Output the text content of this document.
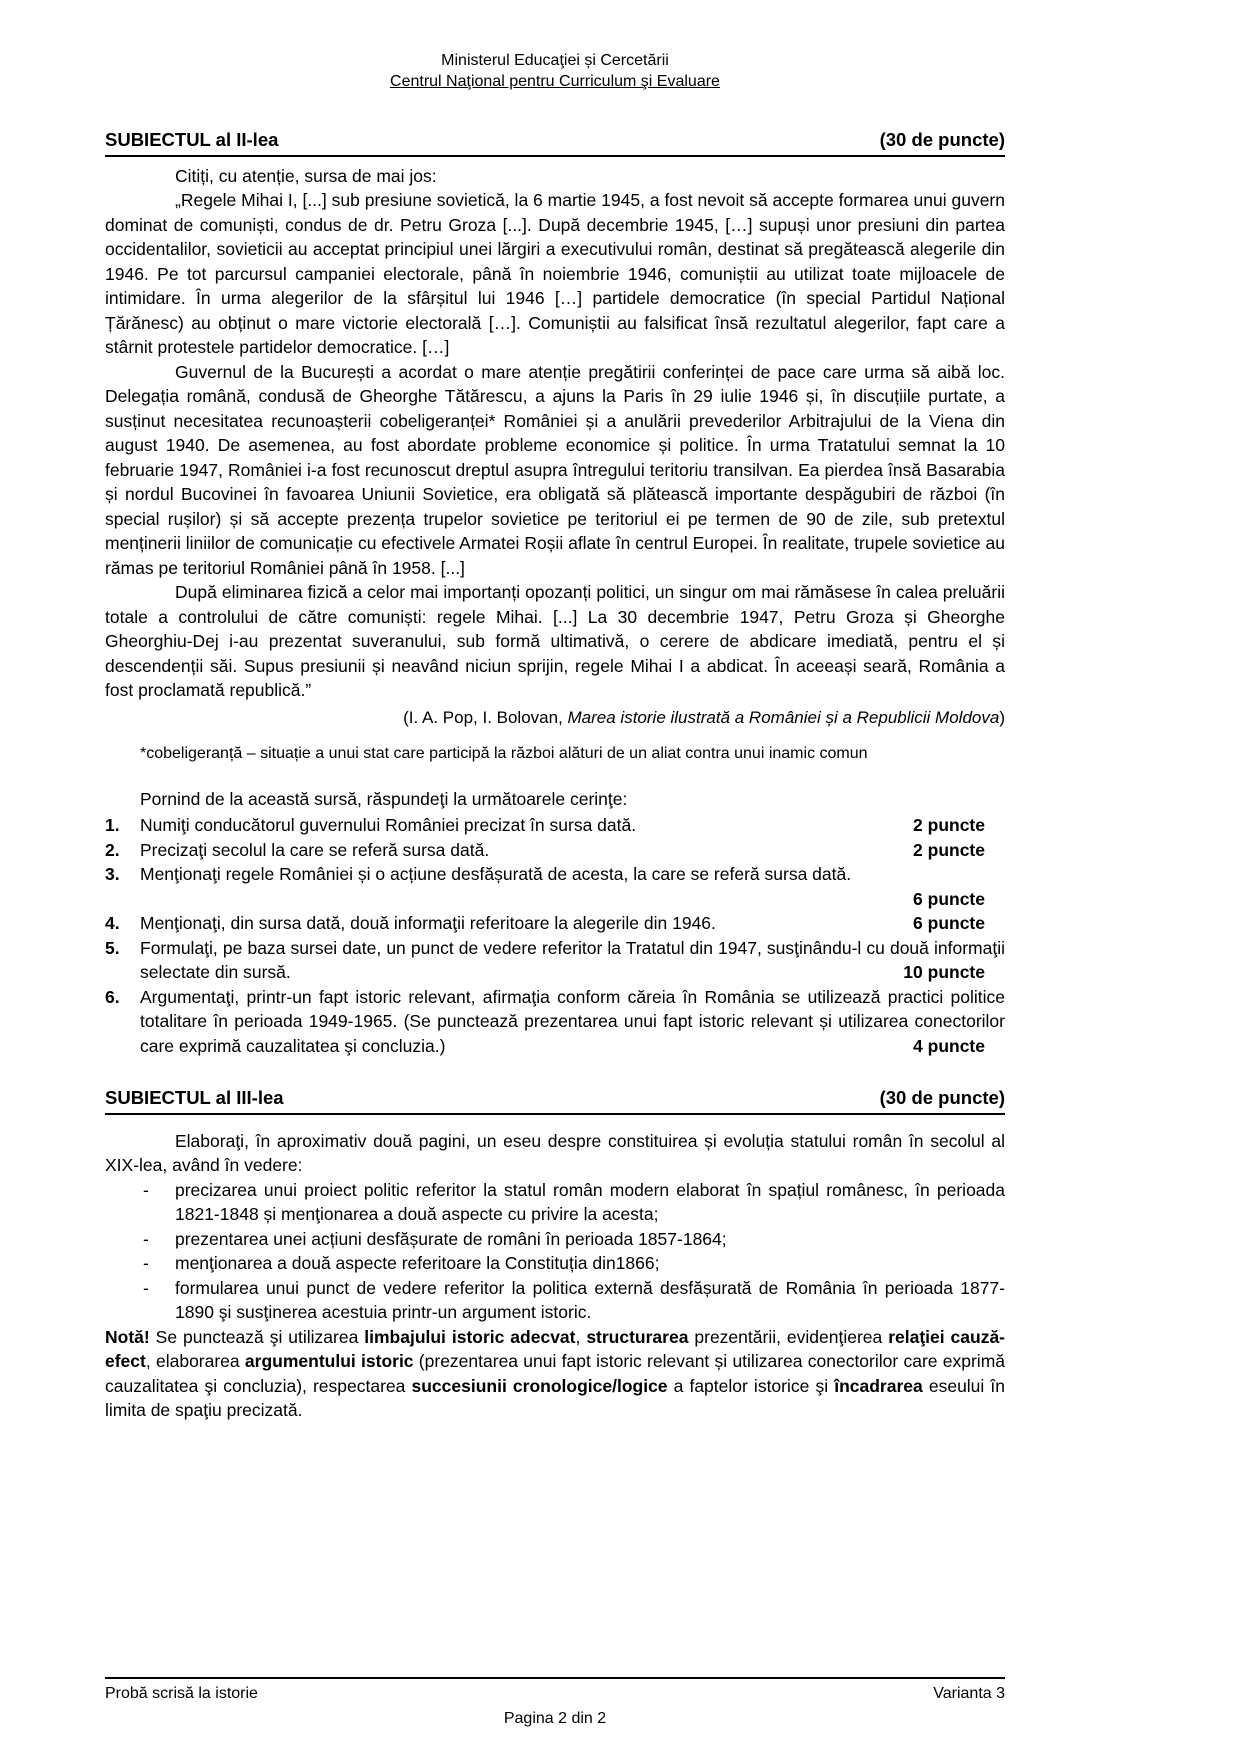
Ministerul Educaţiei și Cercetării
Centrul Naţional pentru Curriculum şi Evaluare
SUBIECTUL al II-lea	(30 de puncte)
Citiți, cu atenție, sursa de mai jos:
„Regele Mihai I, [...] sub presiune sovietică, la 6 martie 1945, a fost nevoit să accepte formarea unui guvern dominat de comuniști, condus de dr. Petru Groza [...]. După decembrie 1945, […] supuși unor presiuni din partea occidentalilor, sovieticii au acceptat principiul unei lărgiri a executivului român, destinat să pregătească alegerile din 1946. Pe tot parcursul campaniei electorale, până în noiembrie 1946, comuniștii au utilizat toate mijloacele de intimidare. În urma alegerilor de la sfârșitul lui 1946 […] partidele democratice (în special Partidul Național Țărănesc) au obținut o mare victorie electorală […]. Comuniștii au falsificat însă rezultatul alegerilor, fapt care a stârnit protestele partidelor democratice. […]
Guvernul de la București a acordat o mare atenție pregătirii conferinței de pace care urma să aibă loc. Delegația română, condusă de Gheorghe Tătărescu, a ajuns la Paris în 29 iulie 1946 și, în discuțiile purtate, a susținut necesitatea recunoașterii cobeligeranței* României și a anulării prevederilor Arbitrajului de la Viena din august 1940. De asemenea, au fost abordate probleme economice și politice. În urma Tratatului semnat la 10 februarie 1947, României i-a fost recunoscut dreptul asupra întregului teritoriu transilvan. Ea pierdea însă Basarabia și nordul Bucovinei în favoarea Uniunii Sovietice, era obligată să plătească importante despăgubiri de război (în special rușilor) și să accepte prezența trupelor sovietice pe teritoriul ei pe termen de 90 de zile, sub pretextul menținerii liniilor de comunicație cu efectivele Armatei Roșii aflate în centrul Europei. În realitate, trupele sovietice au rămas pe teritoriul României până în 1958. [...]
După eliminarea fizică a celor mai importanți opozanți politici, un singur om mai rămăsese în calea preluării totale a controlului de către comuniști: regele Mihai. [...] La 30 decembrie 1947, Petru Groza și Gheorghe Gheorghiu-Dej i-au prezentat suveranului, sub formă ultimativă, o cerere de abdicare imediată, pentru el și descendenții săi. Supus presiunii și neavând niciun sprijin, regele Mihai I a abdicat. În aceeași seară, România a fost proclamată republică.”
(I. A. Pop, I. Bolovan, Marea istorie ilustrată a României și a Republicii Moldova)
*cobeligeranță – situație a unui stat care participă la război alături de un aliat contra unui inamic comun
Pornind de la această sursă, răspundeţi la următoarele cerinţe:
1. Numiţi conducătorul guvernului României precizat în sursa dată.	2 puncte
2. Precizaţi secolul la care se referă sursa dată.	2 puncte
3. Menţionaţi regele României și o acțiune desfășurată de acesta, la care se referă sursa dată.
6 puncte
4. Menţionaţi, din sursa dată, două informaţii referitoare la alegerile din 1946.	6 puncte
5. Formulaţi, pe baza sursei date, un punct de vedere referitor la Tratatul din 1947, susţinându-l cu două informaţii selectate din sursă.	10 puncte
6. Argumentaţi, printr-un fapt istoric relevant, afirmaţia conform căreia în România se utilizează practici politice totalitare în perioada 1949-1965. (Se punctează prezentarea unui fapt istoric relevant și utilizarea conectorilor care exprimă cauzalitatea şi concluzia.)	4 puncte
SUBIECTUL al III-lea	(30 de puncte)
Elaboraţi, în aproximativ două pagini, un eseu despre constituirea și evoluția statului român în secolul al XIX-lea, având în vedere:
- precizarea unui proiect politic referitor la statul român modern elaborat în spațiul românesc, în perioada 1821-1848 și menţionarea a două aspecte cu privire la acesta;
- prezentarea unei acțiuni desfășurate de români în perioada 1857-1864;
- menţionarea a două aspecte referitoare la Constituția din1866;
- formularea unui punct de vedere referitor la politica externă desfășurată de România în perioada 1877-1890 şi susţinerea acestuia printr-un argument istoric.
Notă! Se punctează şi utilizarea limbajului istoric adecvat, structurarea prezentării, evidenţierea relaţiei cauză-efect, elaborarea argumentului istoric (prezentarea unui fapt istoric relevant și utilizarea conectorilor care exprimă cauzalitatea şi concluzia), respectarea succesiunii cronologice/logice a faptelor istorice şi încadrarea eseului în limita de spaţiu precizată.
Probă scrisă la istorie	Varianta 3
Pagina 2 din 2
